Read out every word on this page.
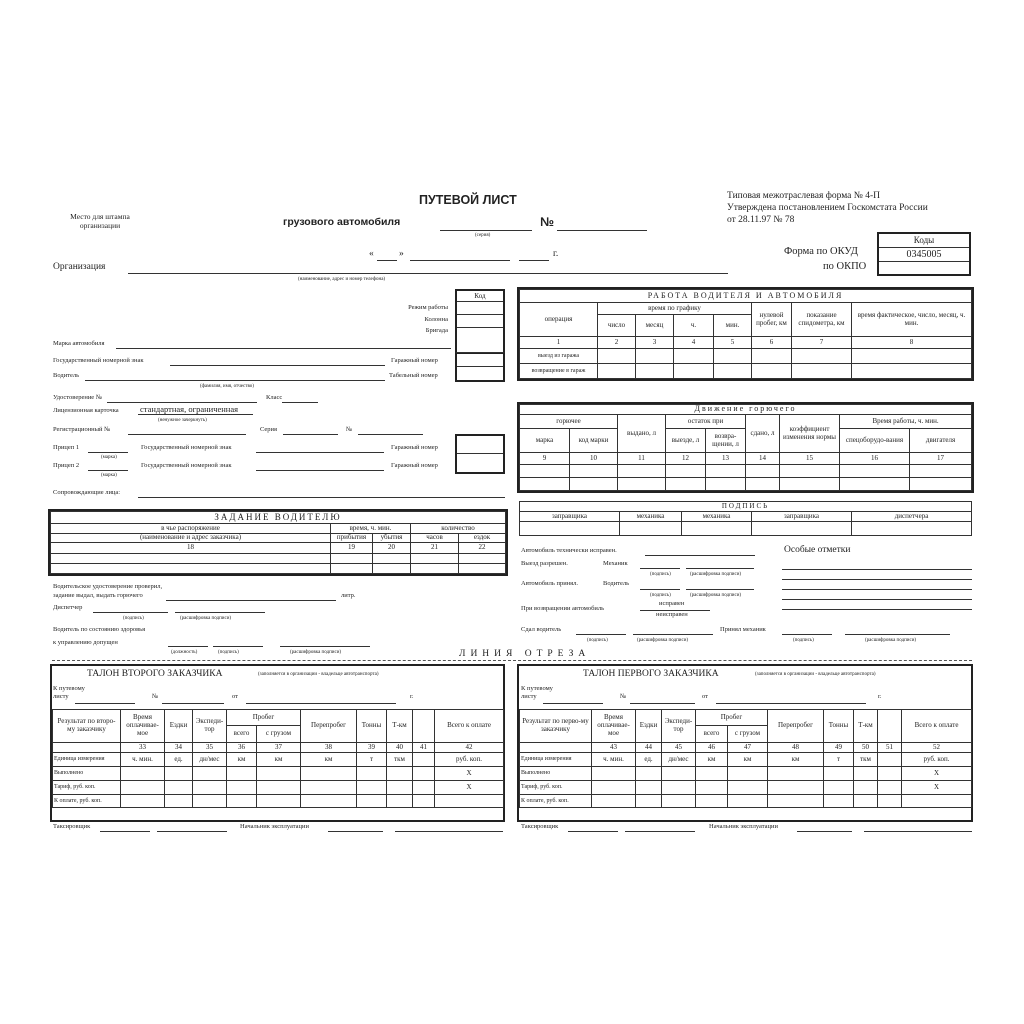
ПУТЕВОЙ ЛИСТ
Место для штампа организации	грузового автомобиля
(серия)
№
«	»	г.
Типовая межотраслевая форма № 4-П
Утверждена постановлением Госкомстата России
от 28.11.97 № 78
Коды
0345005
Форма по ОКУД
по ОКПО
Организация
(наименование, адрес и номер телефона)
Код
Режим работы
Колонна
Бригада
Марка автомобиля
Государственный номерной знак	Гаражный номер
Водитель	Табельный номер
(фамилия, имя, отчество)
Удостоверение №	Класс
Лицензионная карточка	стандартная, ограниченная
(ненужное зачеркнуть)
Регистрационный №	Серия	№
Прицеп 1
(марка)
Государственный номерной знак	Гаражный номер
Прицеп 2
(марка)
Государственный номерной знак	Гаражный номер
Сопровождающие лица:
РАБОТА ВОДИТЕЛЯ И АВТОМОБИЛЯ							
операция	время по графику				нулевой пробег, км	показание спидометра, км	время фактическое, число, месяц, ч. мин.
	число	месяц	ч.	мин.			
1	2	3	4	5	6	7	8
выезд из гаража							
возвращение в гараж							
Движение горючего								
горючее		выдано, л	остаток при		сдано, л	коэффициент изменения нормы	Время работы, ч. мин.	
марка	код марки		выезде, л	возвра-щении, л			спецоборудо-вания	двигателя
9	10	11	12	13	14	15	16	17

ПОДПИСЬ				
заправщика	механика	механика	заправщика	диспетчера

ЗАДАНИЕ ВОДИТЕЛЮ				
в чье распоряжение	время, ч. мин.		количество	
(наименование и адрес заказчика)	прибытия	убытия	часов	ездок
18	19	20	21	22

Водительское удостоверение проверил,
задание выдал, выдать горючего	литр.
Диспетчер
(подпись)	(расшифровка подписи)
Водитель по состоянию здоровья
к управлению допущен
(должность)	(подпись)	(расшифровка подписи)
Автомобиль технически исправен.
Выезд разрешен.	Механик
(подпись)	(расшифровка подписи)
Автомобиль принял.	Водитель
(подпись)	(расшифровка подписи)
При возвращении автомобиль
исправен
неисправен
Сдал водитель
(подпись)	(расшифровка подписи)
Принял механик
(подпись)	(расшифровка подписи)
Особые отметки
ЛИНИЯ ОТРЕЗА
ТАЛОН ВТОРОГО ЗАКАЗЧИКА	(заполняется в организации - владельце автотранспорта)
К путевому листу	№	от	г.
Результат по второ-му заказчику	Время оплачивае-мое	Ездки	Экспеди-тор	Пробег		Перепробег	Тонны	Т-км		Всего к оплате
				всего	с грузом					
	33	34	35	36	37	38	39	40	41	42
Единица измерения	ч. мин.	ед.	дн/мес	км	км	км	т	ткм		руб. коп.
Выполнено										X
Тариф, руб. коп.										X
К оплате, руб. коп.										
Таксировщик	Начальник эксплуатации
ТАЛОН ПЕРВОГО ЗАКАЗЧИКА	(заполняется в организации - владельце автотранспорта)
К путевому листу	№	от	г.
Результат по перво-му заказчику	Время оплачивае-мое	Ездки	Экспеди-тор	Пробег		Перепробег	Тонны	Т-км		Всего к оплате
				всего	с грузом					
	43	44	45	46	47	48	49	50	51	52
Единица измерения	ч. мин.	ед.	дн/мес	км	км	км	т	ткм		руб. коп.
Выполнено										X
Тариф, руб. коп.										X
К оплате, руб. коп.										
Таксировщик	Начальник эксплуатации
